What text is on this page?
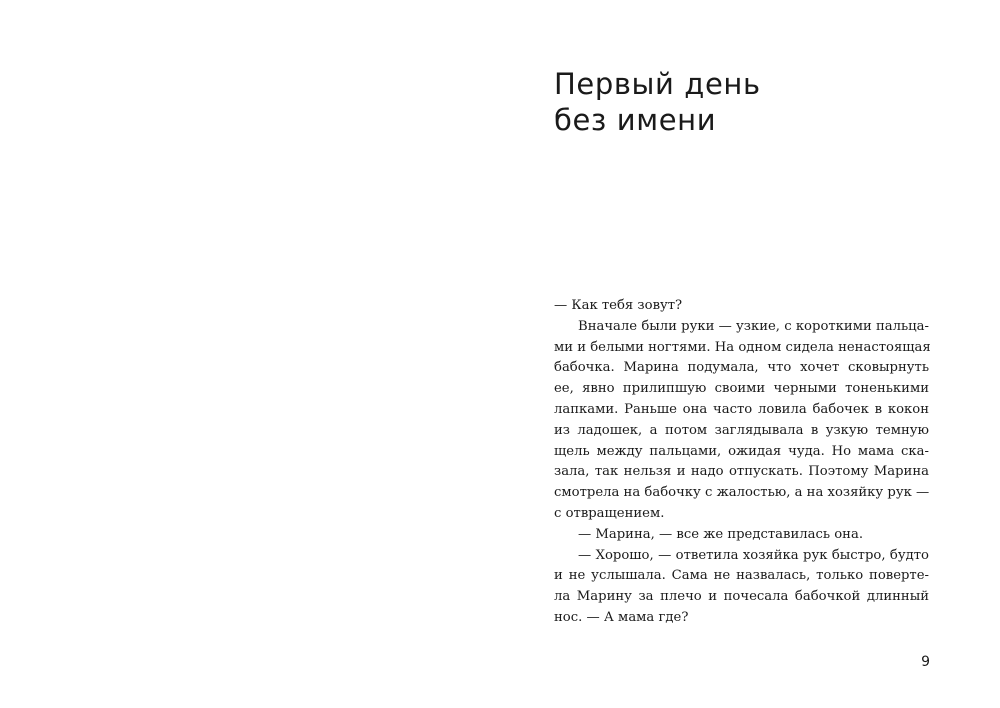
Первый день
без имени
— Как тебя зовут?
Вначале были руки — узкие, с короткими пальца-
ми и белыми ногтями. На одном сидела ненастоящая
бабочка. Марина подумала, что хочет сковырнуть
ее, явно прилипшую своими черными тоненькими
лапками. Раньше она часто ловила бабочек в кокон
из ладошек, а потом заглядывала в узкую темную
щель между пальцами, ожидая чуда. Но мама ска-
зала, так нельзя и надо отпускать. Поэтому Марина
смотрела на бабочку с жалостью, а на хозяйку рук —
с отвращением.
— Марина, — все же представилась она.
— Хорошо, — ответила хозяйка рук быстро, будто
и не услышала. Сама не назвалась, только поверте-
ла Марину за плечо и почесала бабочкой длинный
нос. — А мама где?
9
